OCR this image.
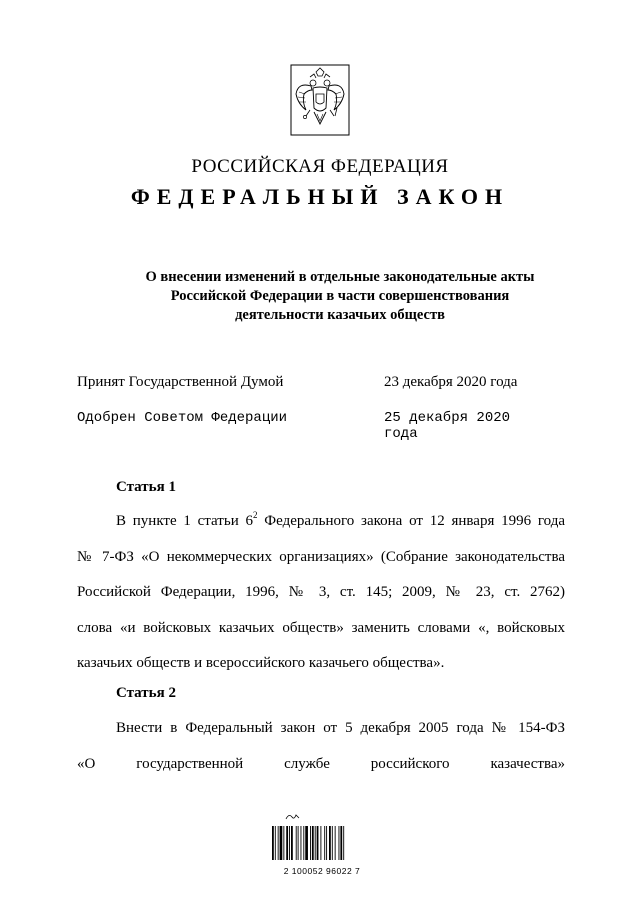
РОССИЙСКАЯ ФЕДЕРАЦИЯ
ФЕДЕРАЛЬНЫЙ ЗАКОН
О внесении изменений в отдельные законодательные акты
Российской Федерации в части совершенствования
деятельности казачьих обществ
Принят Государственной Думой	23 декабря 2020 года
Одобрен Советом Федерации	25 декабря 2020 года
Статья 1
В пункте 1 статьи $6^2$ Федерального закона от 12 января 1996 года
№ 7-ФЗ «О некоммерческих организациях» (Собрание законодательства
Российской Федерации, 1996, № 3, ст. 145; 2009, № 23, ст. 2762)
слова «и войсковых казачьих обществ» заменить словами «, войсковых
казачьих обществ и всероссийского казачьего общества».
Статья 2
Внести в Федеральный закон от 5 декабря 2005 года № 154-ФЗ
«О государственной службе российского казачества»

2 100052 96022 7
